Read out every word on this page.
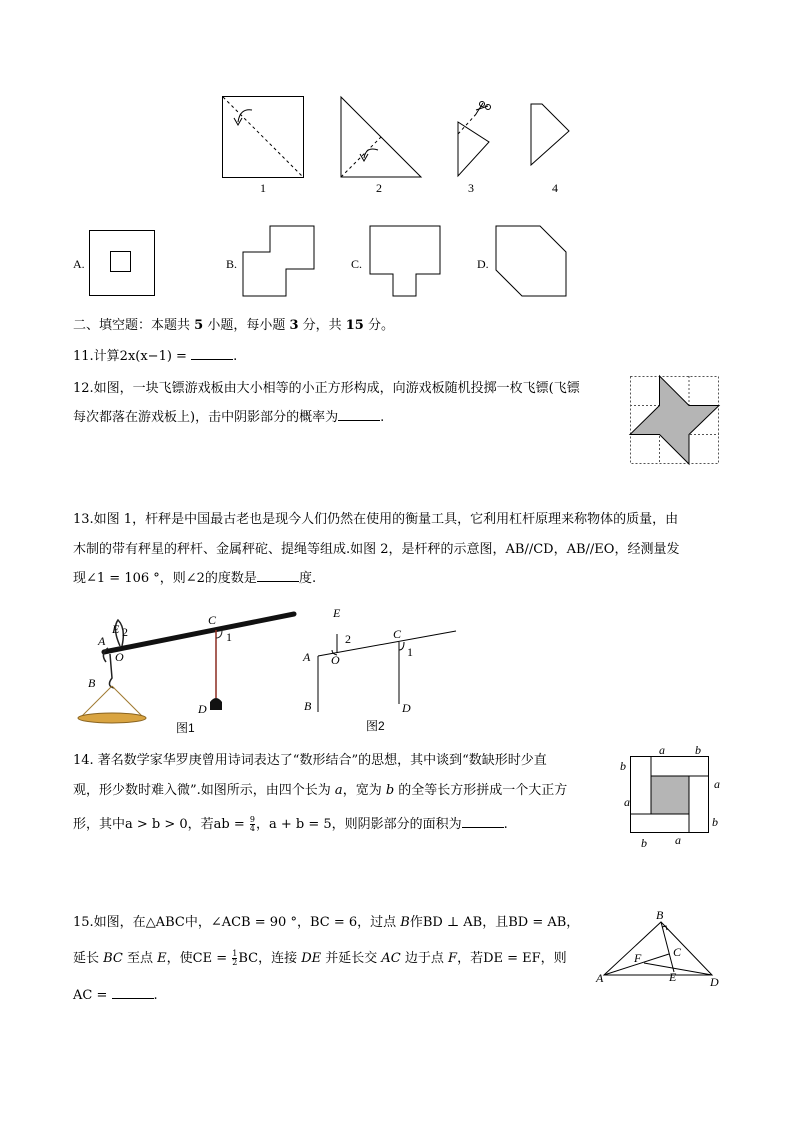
1	2	3	4
A.	B.	C.	D.
二、填空题：本题共 5 小题，每小题 3 分，共 15 分。
11.计算2x(x−1) =	.
12.如图，一块飞镖游戏板由大小相等的小正方形构成，向游戏板随机投掷一枚飞镖(飞镖
每次都落在游戏板上)，击中阴影部分的概率为	.
13.如图 1，杆秤是中国最古老也是现今人们仍然在使用的衡量工具，它利用杠杆原理来称物体的质量，由
木制的带有秤星的秤杆、金属秤砣、提绳等组成.如图 2，是杆秤的示意图，AB//CD，AB//EO，经测量发
现∠1 = 106 °，则∠2的度数是	度.
E
A
2
O
C
1
B
D
图1
E
2	C
A O
1
B	D
图2
14. 著名数学家华罗庚曾用诗词表达了“数形结合”的思想，其中谈到“数缺形时少直
观，形少数时难入微”.如图所示，由四个长为 a，宽为 b 的全等长方形拼成一个大正方
形，其中a > b > 0，若ab = $\frac{9}{4}$ ，a + b = 5，则阴影部分的面积为	.
a	b
b
a
a
b
b a
15.如图，在△ABC中，∠ACB = 90 °，BC = 6，过点 B作BD ⊥ AB，且BD = AB，
延长 BC 至点 E，使CE = $\frac{1}{2}$ BC，连接 DE 并延长交 AC 边于点 F，若DE = EF，则
AC =	.
B
C
F
A	E	D
